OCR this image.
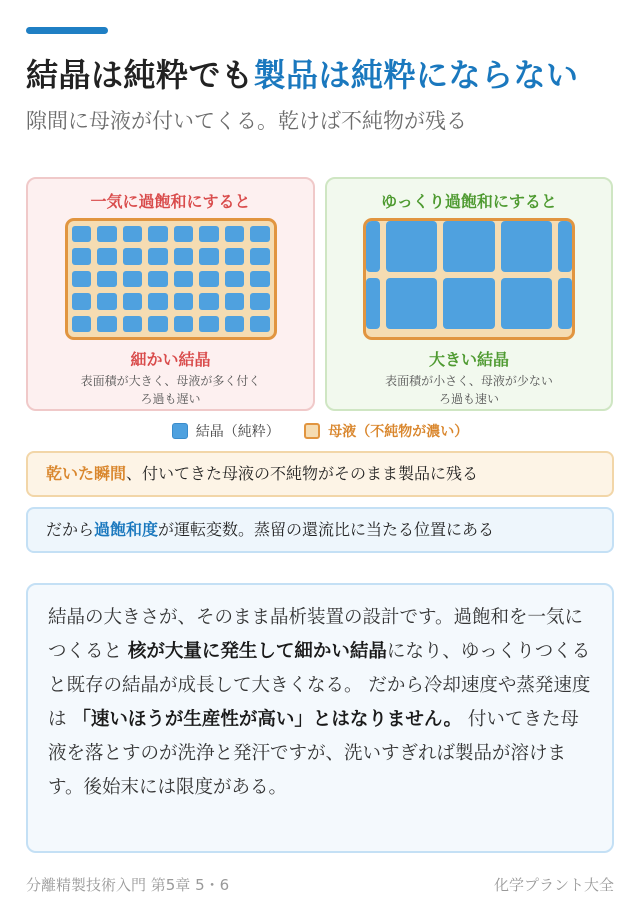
結晶は純粋でも製品は純粋にならない
隙間に母液が付いてくる。乾けば不純物が残る
一気に過飽和にすると
細かい結晶
表面積が大きく、母液が多く付く
ろ過も遅い
ゆっくり過飽和にすると
大きい結晶
表面積が小さく、母液が少ない
ろ過も速い
結晶（純粋）
	母液（不純物が濃い）
乾いた瞬間、付いてきた母液の不純物がそのまま製品に残る
だから過飽和度が運転変数。蒸留の還流比に当たる位置にある

結晶の大きさが、そのまま晶析装置の設計です。過飽和を一気につくると 核が大量に発生して細かい結晶になり、ゆっくりつくると既存の結晶が成長して大きくなる。 だから冷却速度や蒸発速度は 「速いほうが生産性が高い」とはなりません。 付いてきた母液を落とすのが洗浄と発汗ですが、洗いすぎれば製品が溶けます。後始末には限度がある。

分離精製技術入門 第5章 5・6	化学プラント大全
